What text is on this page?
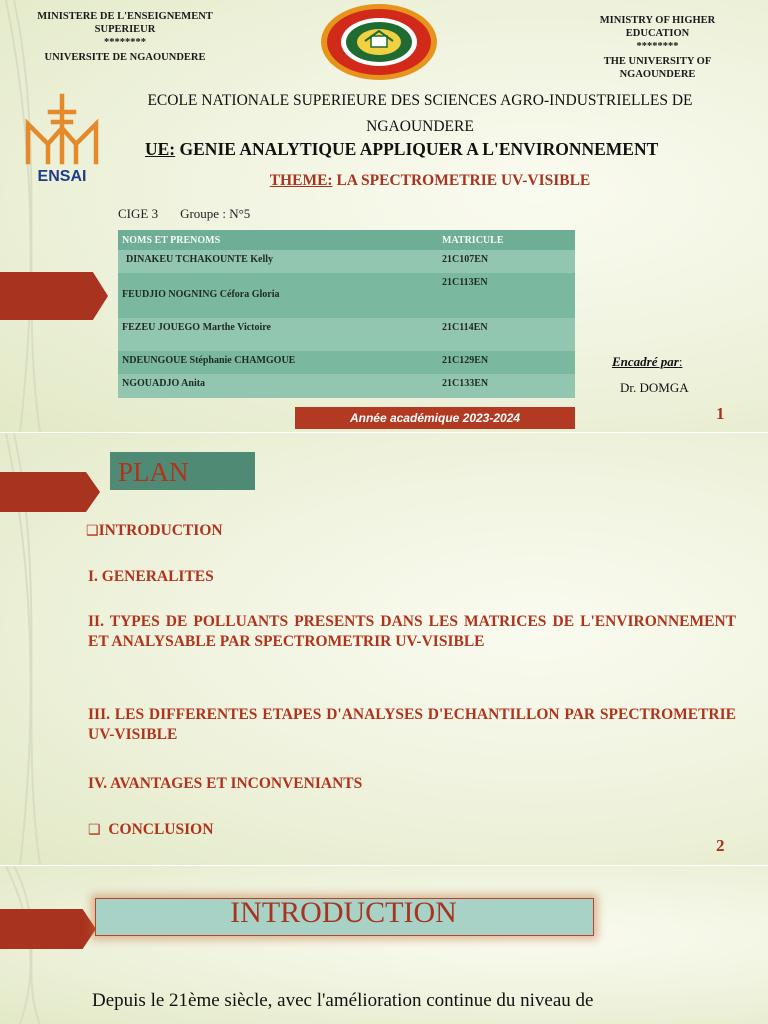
MINISTERE DE L'ENSEIGNEMENT
SUPERIEUR
********
UNIVERSITE DE NGAOUNDERE
MINISTRY OF HIGHER
EDUCATION
********
THE UNIVERSITY OF
NGAOUNDERE
ENSAI
ECOLE NATIONALE SUPERIEURE DES SCIENCES AGRO-INDUSTRIELLES DE
NGAOUNDERE
UE: GENIE ANALYTIQUE APPLIQUER A L'ENVIRONNEMENT
THEME: LA SPECTROMETRIE UV-VISIBLE
CIGE 3 Groupe : N°5
NOMS ET PRENOMS	MATRICULE
DINAKEU TCHAKOUNTE Kelly	21C107EN
FEUDJIO NOGNING Céfora Gloria	21C113EN
FEZEU JOUEGO Marthe Victoire	21C114EN
NDEUNGOUE Stéphanie CHAMGOUE	21C129EN
NGOUADJO Anita	21C133EN
Encadré par:
Dr. DOMGA
Année académique 2023-2024	1
PLAN
❑INTRODUCTION
I. GENERALITES
II. TYPES DE POLLUANTS PRESENTS DANS LES MATRICES DE L'ENVIRONNEMENT ET ANALYSABLE PAR SPECTROMETRIR UV-VISIBLE
III. LES DIFFERENTES ETAPES D'ANALYSES D'ECHANTILLON PAR SPECTROMETRIE UV-VISIBLE
IV. AVANTAGES ET INCONVENIANTS
❑ CONCLUSION
2
INTRODUCTION
Depuis le 21ème siècle, avec l'amélioration continue du niveau de
